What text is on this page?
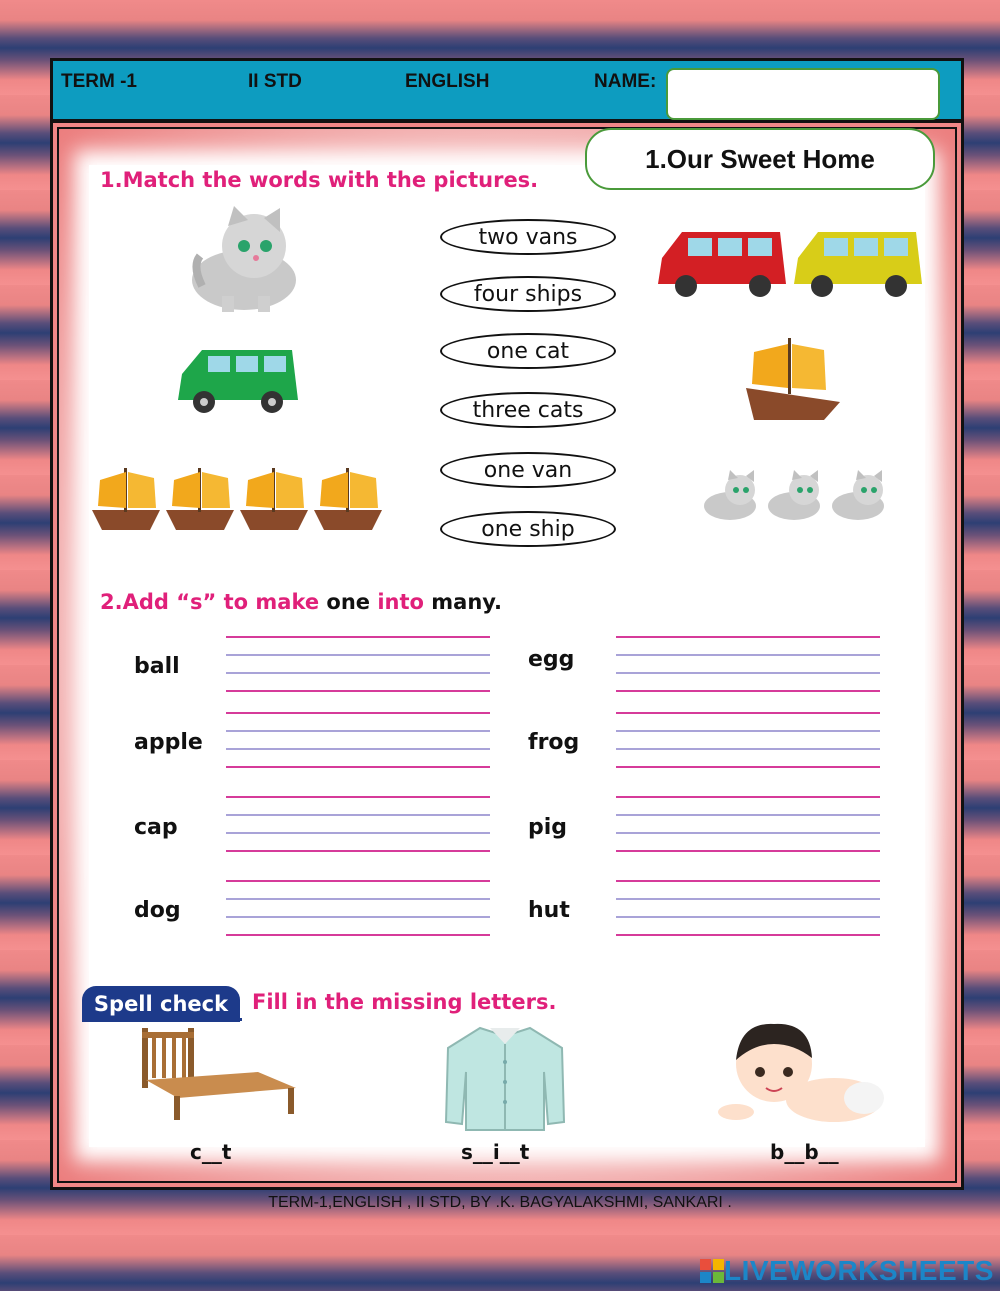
TERM -1	II STD	ENGLISH	NAME:
1.Our Sweet Home
1.Match the words with the pictures.
two vans
four ships
one cat
three cats
one van
one ship
2.Add “s” to make one into many.
ball
apple
cap
dog
egg
frog
pig
hut
Spell check	Fill in the missing letters.
c__t	s__i__t	b__b__
TERM-1,ENGLISH , II STD, BY .K. BAGYALAKSHMI, SANKARI .
LIVEWORKSHEETS
